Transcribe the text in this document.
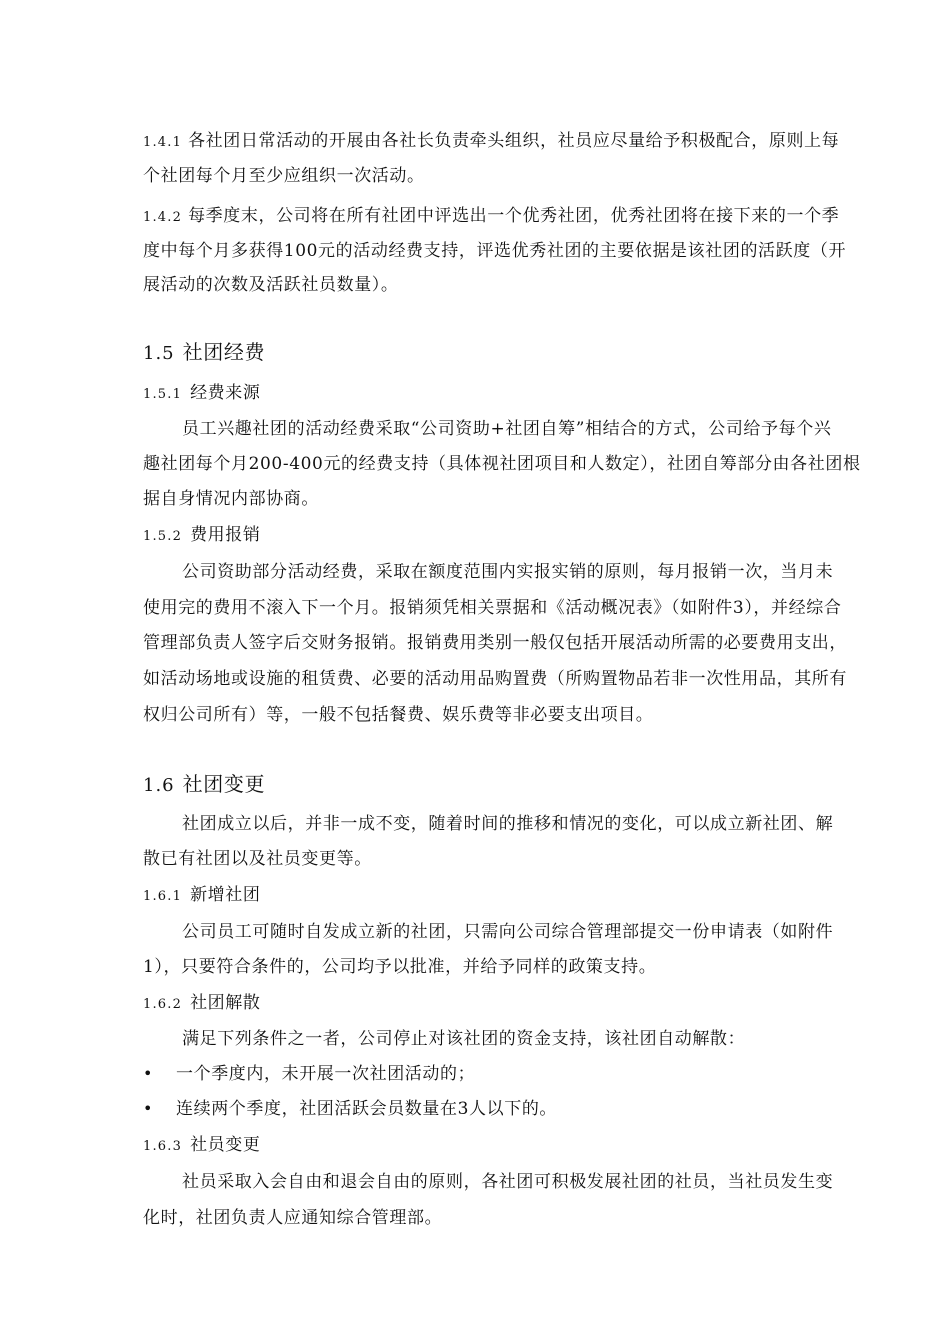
1.4.1 各社团日常活动的开展由各社长负责牵头组织，社员应尽量给予积极配合，原则上每
个社团每个月至少应组织一次活动。
1.4.2 每季度末，公司将在所有社团中评选出一个优秀社团，优秀社团将在接下来的一个季
度中每个月多获得100元的活动经费支持，评选优秀社团的主要依据是该社团的活跃度（开
展活动的次数及活跃社员数量）。
1.5 社团经费
1.5.1 经费来源
员工兴趣社团的活动经费采取“公司资助+社团自筹”相结合的方式，公司给予每个兴
趣社团每个月200-400元的经费支持（具体视社团项目和人数定），社团自筹部分由各社团根
据自身情况内部协商。
1.5.2 费用报销
公司资助部分活动经费，采取在额度范围内实报实销的原则，每月报销一次，当月未
使用完的费用不滚入下一个月。报销须凭相关票据和《活动概况表》（如附件3），并经综合
管理部负责人签字后交财务报销。报销费用类别一般仅包括开展活动所需的必要费用支出，
如活动场地或设施的租赁费、必要的活动用品购置费（所购置物品若非一次性用品，其所有
权归公司所有）等，一般不包括餐费、娱乐费等非必要支出项目。
1.6 社团变更
社团成立以后，并非一成不变，随着时间的推移和情况的变化，可以成立新社团、解
散已有社团以及社员变更等。
1.6.1 新增社团
公司员工可随时自发成立新的社团，只需向公司综合管理部提交一份申请表（如附件
1），只要符合条件的，公司均予以批准，并给予同样的政策支持。
1.6.2 社团解散
满足下列条件之一者，公司停止对该社团的资金支持，该社团自动解散：
• 一个季度内，未开展一次社团活动的；
• 连续两个季度，社团活跃会员数量在3人以下的。
1.6.3 社员变更
社员采取入会自由和退会自由的原则，各社团可积极发展社团的社员，当社员发生变
化时，社团负责人应通知综合管理部。
